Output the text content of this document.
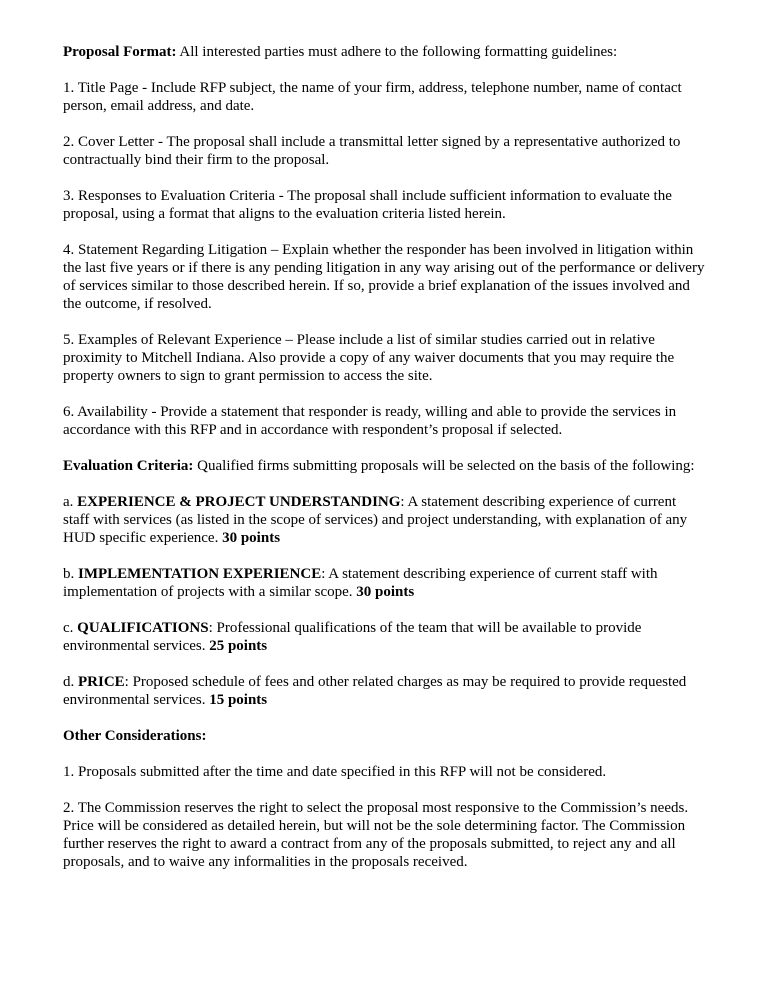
Proposal Format: All interested parties must adhere to the following formatting guidelines:

1. Title Page - Include RFP subject, the name of your firm, address, telephone number, name of contact person, email address, and date.

2. Cover Letter - The proposal shall include a transmittal letter signed by a representative authorized to contractually bind their firm to the proposal.

3. Responses to Evaluation Criteria - The proposal shall include sufficient information to evaluate the proposal, using a format that aligns to the evaluation criteria listed herein.

4. Statement Regarding Litigation – Explain whether the responder has been involved in litigation within the last five years or if there is any pending litigation in any way arising out of the performance or delivery of services similar to those described herein. If so, provide a brief explanation of the issues involved and the outcome, if resolved.

5. Examples of Relevant Experience – Please include a list of similar studies carried out in relative proximity to Mitchell Indiana. Also provide a copy of any waiver documents that you may require the property owners to sign to grant permission to access the site.

6. Availability - Provide a statement that responder is ready, willing and able to provide the services in accordance with this RFP and in accordance with respondent’s proposal if selected.

Evaluation Criteria: Qualified firms submitting proposals will be selected on the basis of the following:

a. EXPERIENCE & PROJECT UNDERSTANDING: A statement describing experience of current staff with services (as listed in the scope of services) and project understanding, with explanation of any HUD specific experience. 30 points

b. IMPLEMENTATION EXPERIENCE: A statement describing experience of current staff with implementation of projects with a similar scope. 30 points

c. QUALIFICATIONS: Professional qualifications of the team that will be available to provide environmental services. 25 points

d. PRICE: Proposed schedule of fees and other related charges as may be required to provide requested environmental services. 15 points

Other Considerations:

1. Proposals submitted after the time and date specified in this RFP will not be considered.

2. The Commission reserves the right to select the proposal most responsive to the Commission’s needs. Price will be considered as detailed herein, but will not be the sole determining factor. The Commission further reserves the right to award a contract from any of the proposals submitted, to reject any and all proposals, and to waive any informalities in the proposals received.
